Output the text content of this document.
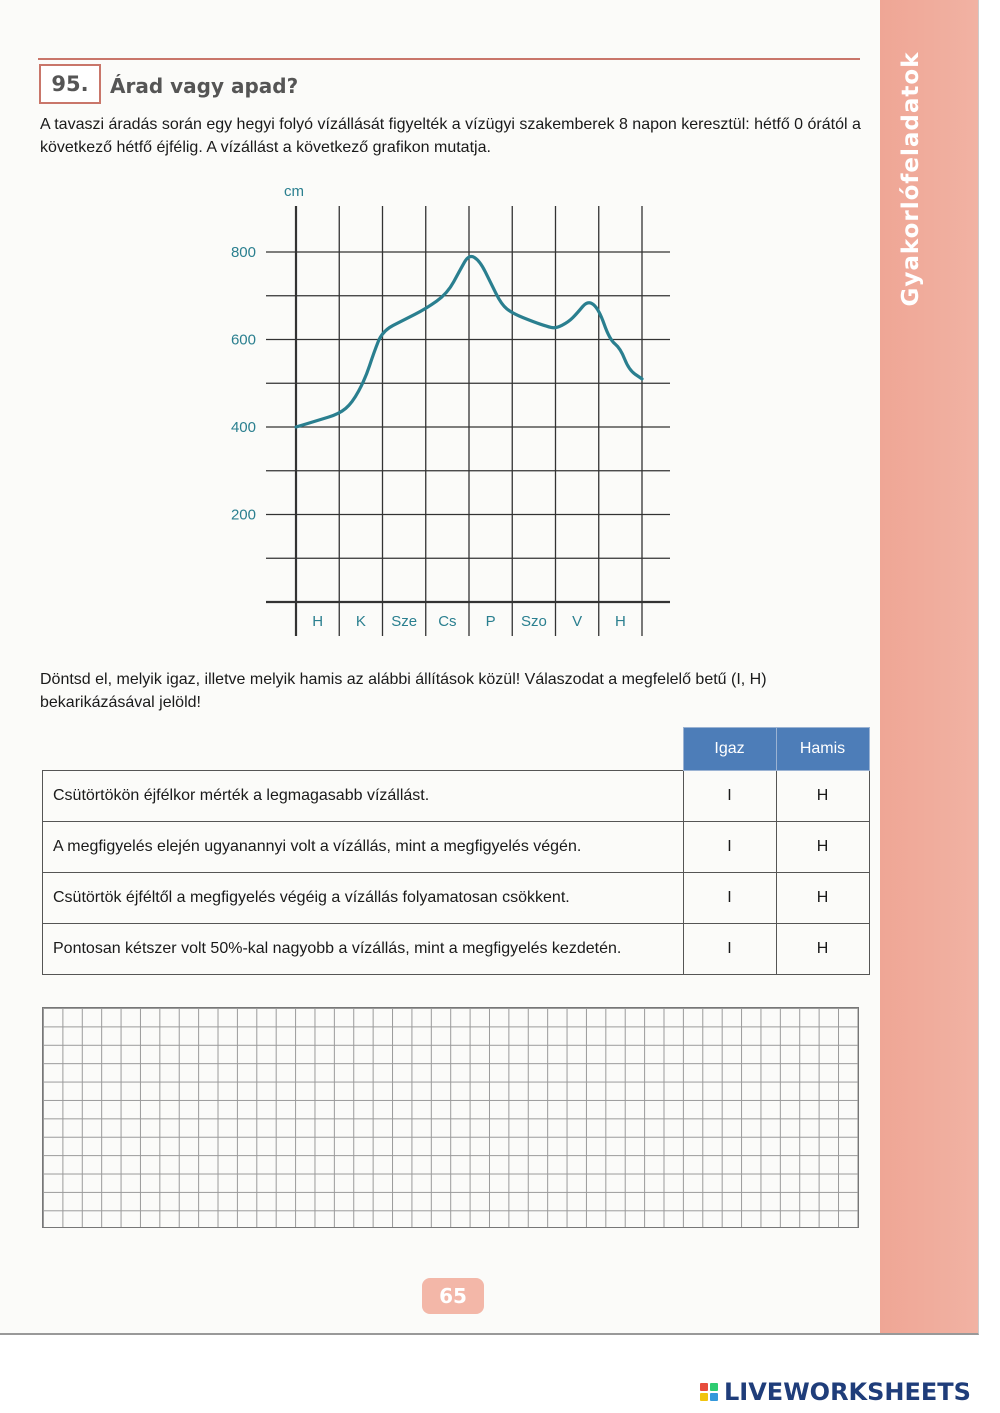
Gyakorlófeladatok
95.	Árad vagy apad?
A tavaszi áradás során egy hegyi folyó vízállását figyelték a vízügyi szakemberek 8 napon keresztül: hétfő 0 órától a következő hétfő éjfélig. A vízállást a következő grafikon mutatja.
cm
200
400
600
800
H K Sze Cs P Szo V H
Döntsd el, melyik igaz, illetve melyik hamis az alábbi állítások közül! Válaszodat a megfelelő betű (I, H) bekarikázásával jelöld!
	Igaz	Hamis
Csütörtökön éjfélkor mérték a legmagasabb vízállást.	I	H
A megfigyelés elején ugyanannyi volt a vízállás, mint a megfigyelés végén.	I	H
Csütörtök éjféltől a megfigyelés végéig a vízállás folyamatosan csökkent.	I	H
Pontosan kétszer volt 50%-kal nagyobb a vízállás, mint a megfigyelés kezdetén.	I	H
65
LIVEWORKSHEETS
